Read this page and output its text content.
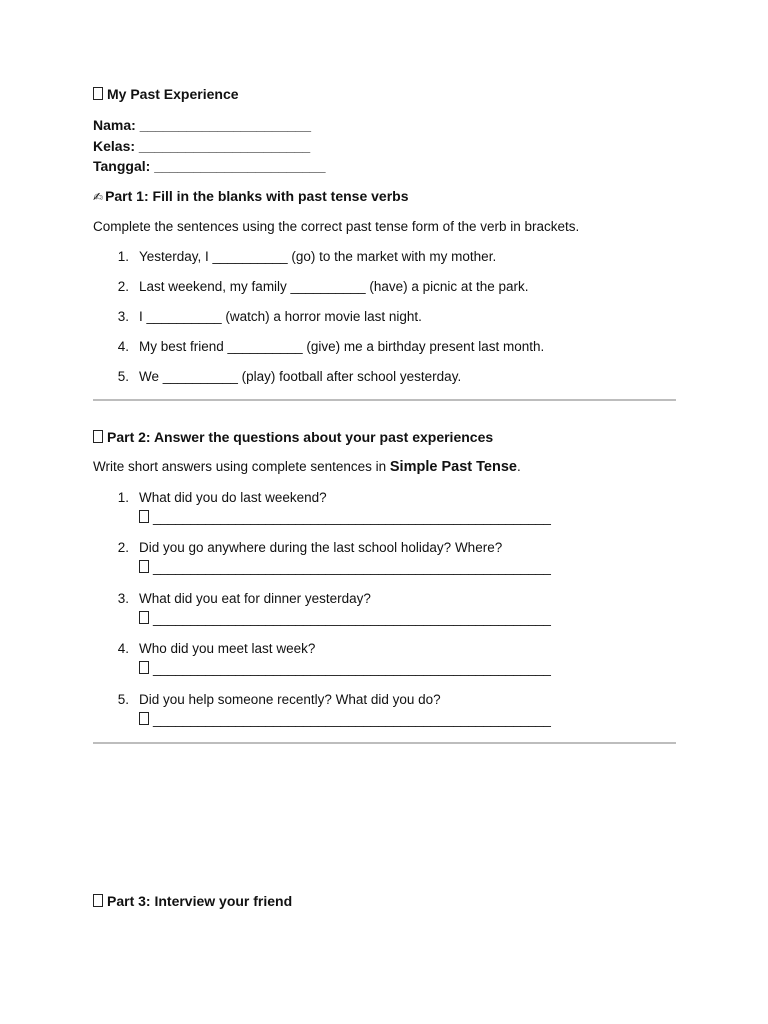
My Past Experience
Nama: ______________________
Kelas: ______________________
Tanggal: ______________________
✍ Part 1: Fill in the blanks with past tense verbs
Complete the sentences using the correct past tense form of the verb in brackets.
1. Yesterday, I __________ (go) to the market with my mother.
2. Last weekend, my family __________ (have) a picnic at the park.
3. I __________ (watch) a horror movie last night.
4. My best friend __________ (give) me a birthday present last month.
5. We __________ (play) football after school yesterday.
Part 2: Answer the questions about your past experiences
Write short answers using complete sentences in Simple Past Tense.
1. What did you do last weekend?
_____________________________________________________
2. Did you go anywhere during the last school holiday? Where?
_____________________________________________________
3. What did you eat for dinner yesterday?
_____________________________________________________
4. Who did you meet last week?
_____________________________________________________
5. Did you help someone recently? What did you do?
_____________________________________________________
Part 3: Interview your friend
